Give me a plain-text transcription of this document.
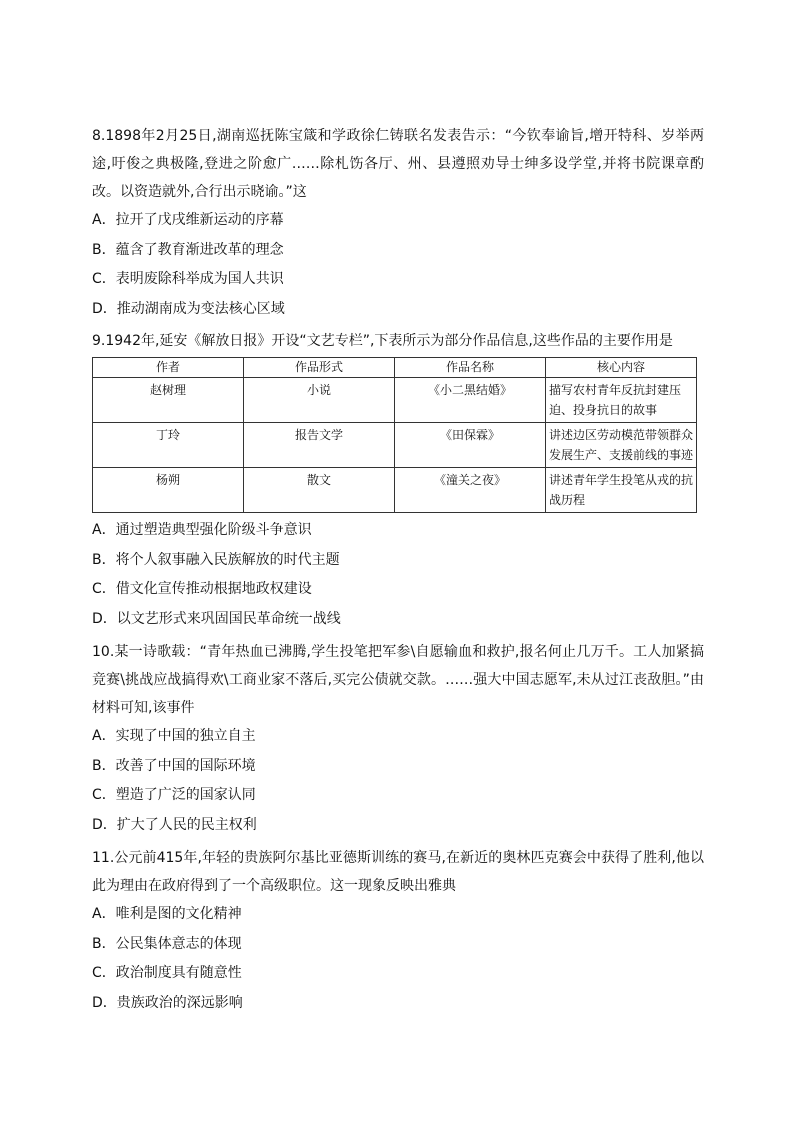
8.1898年2月25日,湖南巡抚陈宝箴和学政徐仁铸联名发表告示：“今钦奉谕旨,增开特科、岁举两途,吁俊之典极隆,登进之阶愈广……除札饬各厅、州、县遵照劝导士绅多设学堂,并将书院课章酌改。以资造就外,合行出示晓谕。”这

A．拉开了戊戌维新运动的序幕

B．蕴含了教育渐进改革的理念

C．表明废除科举成为国人共识

D．推动湖南成为变法核心区域

9.1942年,延安《解放日报》开设“文艺专栏”,下表所示为部分作品信息,这些作品的主要作用是

作者	作品形式	作品名称	核心内容
赵树理	小说	《小二黑结婚》	描写农村青年反抗封建压迫、投身抗日的故事
丁玲	报告文学	《田保霖》	讲述边区劳动模范带领群众发展生产、支援前线的事迹
杨朔	散文	《潼关之夜》	讲述青年学生投笔从戎的抗战历程

A．通过塑造典型强化阶级斗争意识

B．将个人叙事融入民族解放的时代主题

C．借文化宣传推动根据地政权建设

D．以文艺形式来巩固国民革命统一战线

10.某一诗歌载：“青年热血已沸腾,学生投笔把军参\自愿输血和救护,报名何止几万千。工人加紧搞竞赛\挑战应战搞得欢\工商业家不落后,买完公债就交款。……强大中国志愿军,未从过江丧敌胆。”由材料可知,该事件

A．实现了中国的独立自主

B．改善了中国的国际环境

C．塑造了广泛的国家认同

D．扩大了人民的民主权利

11.公元前415年,年轻的贵族阿尔基比亚德斯训练的赛马,在新近的奥林匹克赛会中获得了胜利,他以此为理由在政府得到了一个高级职位。这一现象反映出雅典

A．唯利是图的文化精神

B．公民集体意志的体现

C．政治制度具有随意性

D．贵族政治的深远影响
